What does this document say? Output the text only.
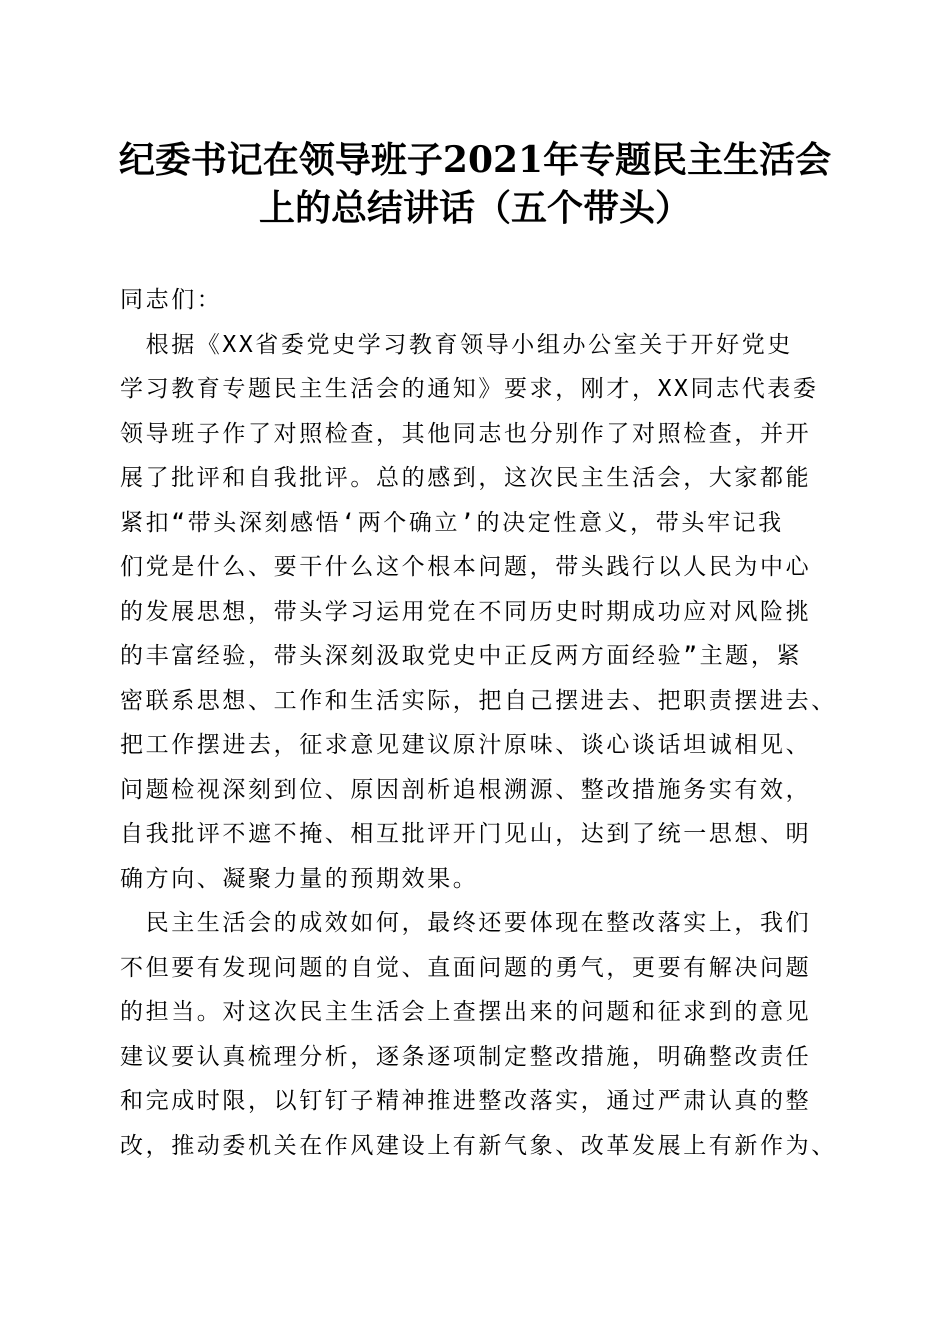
纪委书记在领导班子2021年专题民主生活会
上的总结讲话（五个带头）
同志们：
　根据《XX省委党史学习教育领导小组办公室关于开好党史
学习教育专题民主生活会的通知》要求，刚才，XX同志代表委
领导班子作了对照检查，其他同志也分别作了对照检查，并开
展了批评和自我批评。总的感到，这次民主生活会，大家都能
紧扣“带头深刻感悟‘两个确立’的决定性意义，带头牢记我
们党是什么、要干什么这个根本问题，带头践行以人民为中心
的发展思想，带头学习运用党在不同历史时期成功应对风险挑
的丰富经验，带头深刻汲取党史中正反两方面经验”主题，紧
密联系思想、工作和生活实际，把自己摆进去、把职责摆进去、
把工作摆进去，征求意见建议原汁原味、谈心谈话坦诚相见、
问题检视深刻到位、原因剖析追根溯源、整改措施务实有效，
自我批评不遮不掩、相互批评开门见山，达到了统一思想、明
确方向、凝聚力量的预期效果。
　民主生活会的成效如何，最终还要体现在整改落实上，我们
不但要有发现问题的自觉、直面问题的勇气，更要有解决问题
的担当。对这次民主生活会上查摆出来的问题和征求到的意见
建议要认真梳理分析，逐条逐项制定整改措施，明确整改责任
和完成时限，以钉钉子精神推进整改落实，通过严肃认真的整
改，推动委机关在作风建设上有新气象、改革发展上有新作为、
